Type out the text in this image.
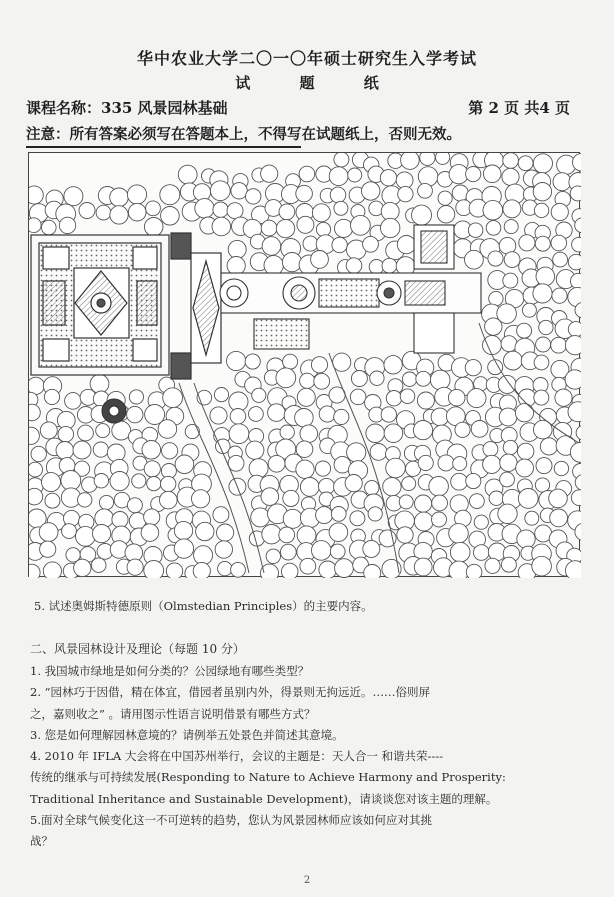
华中农业大学二〇一〇年硕士研究生入学考试
试 题 纸
课程名称：335 风景园林基础	第 2 页 共4 页
注意：所有答案必须写在答题本上，不得写在试题纸上，否则无效。
5. 试述奥姆斯特德原则（Olmstedian Principles）的主要内容。
二、风景园林设计及理论（每题 10 分）
1. 我国城市绿地是如何分类的？公园绿地有哪些类型？
2. “园林巧于因借，精在体宜，借园者虽别内外，得景则无拘远近。……俗则屏
之，嘉则收之” 。请用图示性语言说明借景有哪些方式？
3. 您是如何理解园林意境的？请例举五处景色并简述其意境。
4. 2010 年 IFLA 大会将在中国苏州举行，会议的主题是：天人合一 和谐共荣----
传统的继承与可持续发展(Responding to Nature to Achieve Harmony and Prosperity:
Traditional Inheritance and Sustainable Development)，请谈谈您对该主题的理解。
5.面对全球气候变化这一不可逆转的趋势，您认为风景园林师应该如何应对其挑
战？
2
